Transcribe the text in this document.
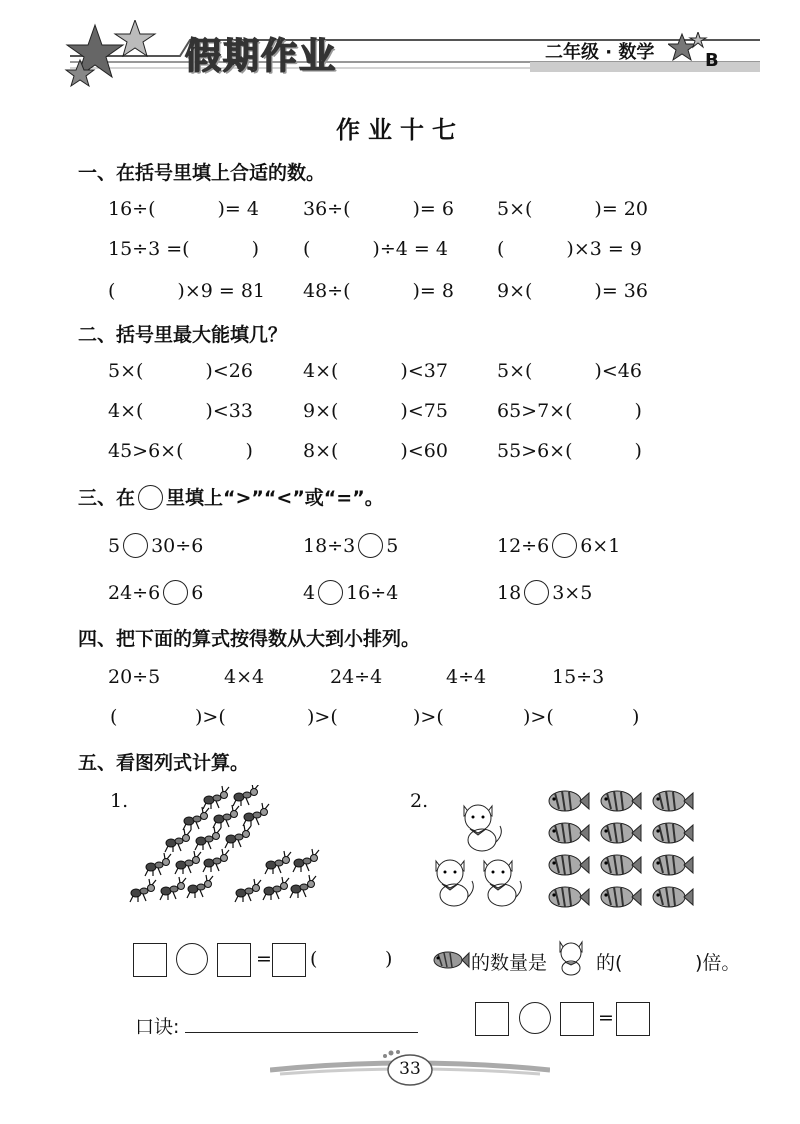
假期作业	二年级 · 数学	B
作业十七
一、在括号里填上合适的数。
16÷(	)= 4 36÷(	)= 6 5×(	)= 20
15÷3 =(	) (	)÷4 = 4	(	)×3 = 9
(	)×9 = 81 48÷(	)= 8 9×(	)= 36
二、括号里最大能填几？
5×(	)<26	4×(	)<37	5×(	)<46
4×(	)<33	9×(	)<75	65>7×(	)
45>6×(	)	8×(	)<60	55>6×(	)
三、在 里填上“>”“<”或“=”。
5 30÷6	18÷3 5	12÷6 6×1
24÷6 6	4 16÷4	18 3×5
四、把下面的算式按得数从大到小排列。
20÷5	4×4	24÷4	4÷4	15÷3
(	)>(	)>(	)>(	)>(	)
五、看图列式计算。
1.	2.
= (	)	的数量是	的(	)倍。
口诀:	=
33
